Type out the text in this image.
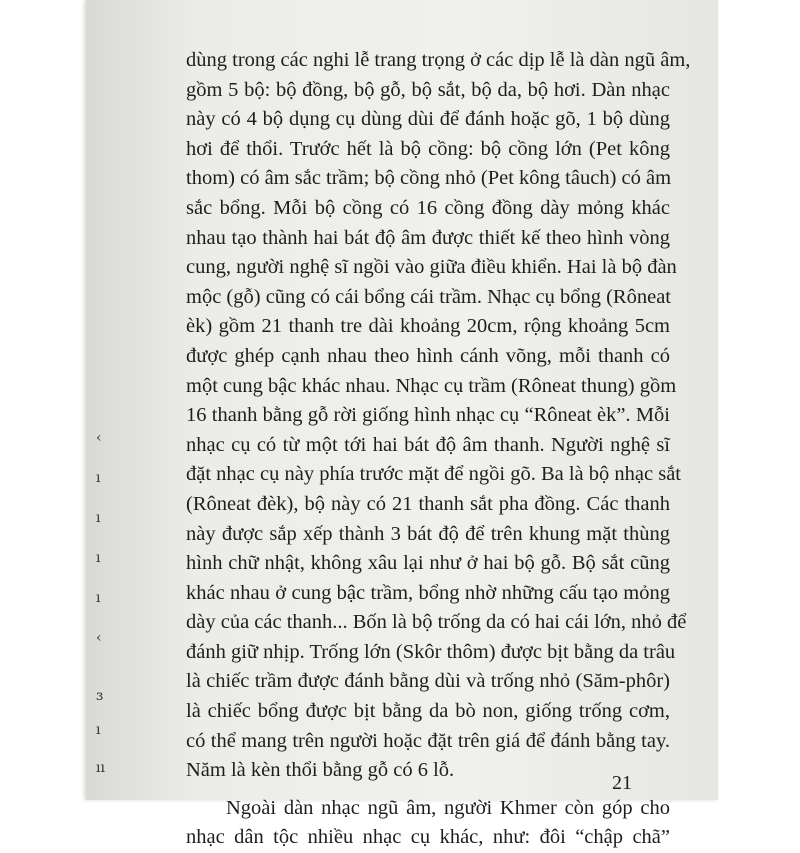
‹
ı
ı
ı
ı
‹
ɜ
ı
ıı
dùng trong các nghi lễ trang trọng ở các dịp lễ là dàn ngũ âm,
gồm 5 bộ: bộ đồng, bộ gỗ, bộ sắt, bộ da, bộ hơi. Dàn nhạc
này có 4 bộ dụng cụ dùng dùi để đánh hoặc gõ, 1 bộ dùng
hơi để thổi. Trước hết là bộ cồng: bộ cồng lớn (Pet kông
thom) có âm sắc trầm; bộ cồng nhỏ (Pet kông tâuch) có âm
sắc bổng. Mỗi bộ cồng có 16 cồng đồng dày mỏng khác
nhau tạo thành hai bát độ âm được thiết kế theo hình vòng
cung, người nghệ sĩ ngồi vào giữa điều khiển. Hai là bộ đàn
mộc (gỗ) cũng có cái bổng cái trầm. Nhạc cụ bổng (Rôneat
èk) gồm 21 thanh tre dài khoảng 20cm, rộng khoảng 5cm
được ghép cạnh nhau theo hình cánh võng, mỗi thanh có
một cung bậc khác nhau. Nhạc cụ trầm (Rôneat thung) gồm
16 thanh bằng gỗ rời giống hình nhạc cụ “Rôneat èk”. Mỗi
nhạc cụ có từ một tới hai bát độ âm thanh. Người nghệ sĩ
đặt nhạc cụ này phía trước mặt để ngồi gõ. Ba là bộ nhạc sắt
(Rôneat đèk), bộ này có 21 thanh sắt pha đồng. Các thanh
này được sắp xếp thành 3 bát độ để trên khung mặt thùng
hình chữ nhật, không xâu lại như ở hai bộ gỗ. Bộ sắt cũng
khác nhau ở cung bậc trầm, bổng nhờ những cấu tạo mỏng
dày của các thanh... Bốn là bộ trống da có hai cái lớn, nhỏ để
đánh giữ nhịp. Trống lớn (Skôr thôm) được bịt bằng da trâu
là chiếc trầm được đánh bằng dùi và trống nhỏ (Săm-phôr)
là chiếc bổng được bịt bằng da bò non, giống trống cơm,
có thể mang trên người hoặc đặt trên giá để đánh bằng tay.
Năm là kèn thổi bằng gỗ có 6 lỗ.
Ngoài dàn nhạc ngũ âm, người Khmer còn góp cho
nhạc dân tộc nhiều nhạc cụ khác, như: đôi “chập chã”
21
